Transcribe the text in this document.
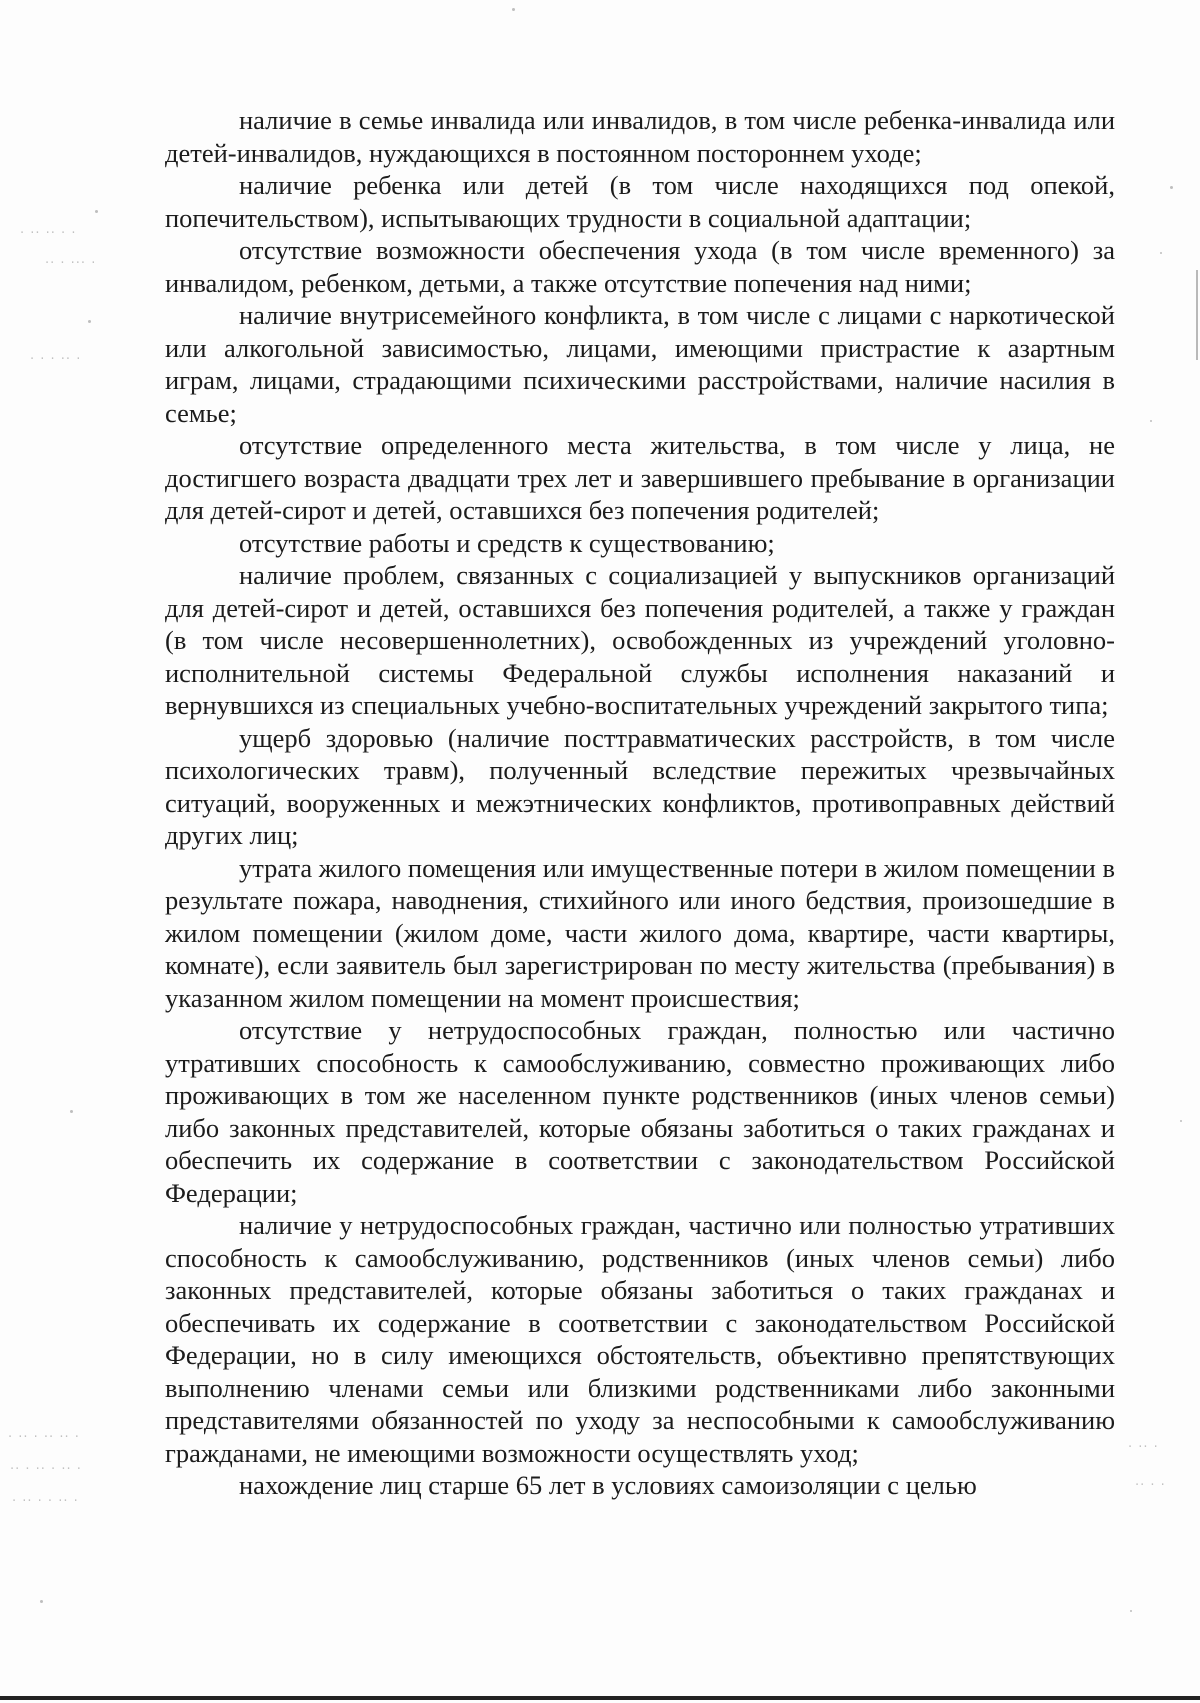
· ·· ·· · ·
·· · ··· ·
· · · ·· ·
· ·· · ·· ·· ·
·· · ·· · ·· ·
· ·· · · ·· ·
· ·· ·
·· · ·

наличие в семье инвалида или инвалидов, в том числе ребенка-инвалида или детей-инвалидов, нуждающихся в постоянном постороннем уходе;

наличие ребенка или детей (в том числе находящихся под опекой, попечительством), испытывающих трудности в социальной адаптации;

отсутствие возможности обеспечения ухода (в том числе временного) за инвалидом, ребенком, детьми, а также отсутствие попечения над ними;

наличие внутрисемейного конфликта, в том числе с лицами с наркотической или алкогольной зависимостью, лицами, имеющими пристрастие к азартным играм, лицами, страдающими психическими расстройствами, наличие насилия в семье;

отсутствие определенного места жительства, в том числе у лица, не достигшего возраста двадцати трех лет и завершившего пребывание в организации для детей-сирот и детей, оставшихся без попечения родителей;

отсутствие работы и средств к существованию;

наличие проблем, связанных с социализацией у выпускников организаций для детей-сирот и детей, оставшихся без попечения родителей, а также у граждан (в том числе несовершеннолетних), освобожденных из учреждений уголовно-исполнительной системы Федеральной службы исполнения наказаний и вернувшихся из специальных учебно-воспитательных учреждений закрытого типа;

ущерб здоровью (наличие посттравматических расстройств, в том числе психологических травм), полученный вследствие пережитых чрезвычайных ситуаций, вооруженных и межэтнических конфликтов, противоправных действий других лиц;

утрата жилого помещения или имущественные потери в жилом помещении в результате пожара, наводнения, стихийного или иного бедствия, произошедшие в жилом помещении (жилом доме, части жилого дома, квартире, части квартиры, комнате), если заявитель был зарегистрирован по месту жительства (пребывания) в указанном жилом помещении на момент происшествия;

отсутствие у нетрудоспособных граждан, полностью или частично утративших способность к самообслуживанию, совместно проживающих либо проживающих в том же населенном пункте родственников (иных членов семьи) либо законных представителей, которые обязаны заботиться о таких гражданах и обеспечить их содержание в соответствии с законодательством Российской Федерации;

наличие у нетрудоспособных граждан, частично или полностью утративших способность к самообслуживанию, родственников (иных членов семьи) либо законных представителей, которые обязаны заботиться о таких гражданах и обеспечивать их содержание в соответствии с законодательством Российской Федерации, но в силу имеющихся обстоятельств, объективно препятствующих выполнению членами семьи или близкими родственниками либо законными представителями обязанностей по уходу за неспособными к самообслуживанию гражданами, не имеющими возможности осуществлять уход;

нахождение лиц старше 65 лет в условиях самоизоляции с целью
